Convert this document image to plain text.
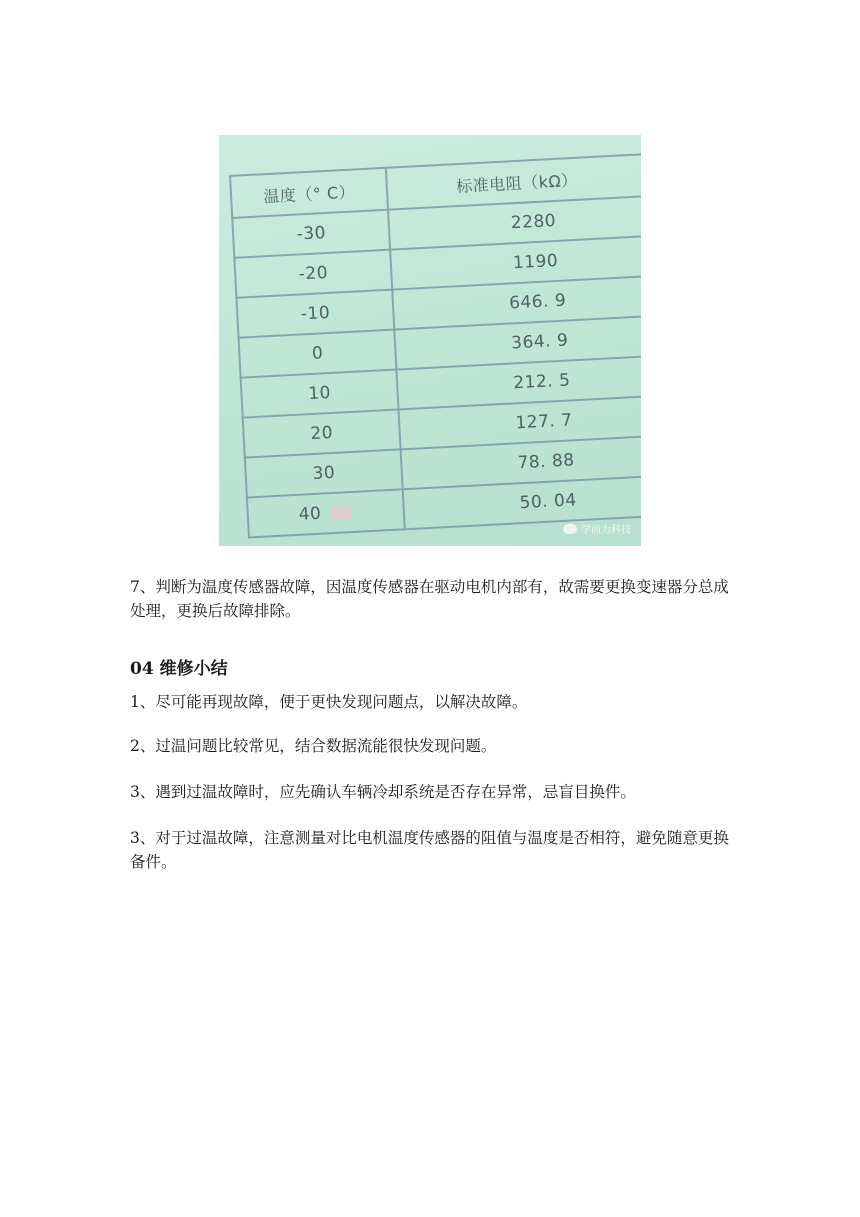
温度（° C）	标准电阻（kΩ）
-30	2280
-20	1190
-10	646. 9
0	364. 9
10	212. 5
20	127. 7
30	78. 88
40	50. 04
学而力科技

7、判断为温度传感器故障，因温度传感器在驱动电机内部有，故需要更换变速器分总成处理，更换后故障排除。

04 维修小结

1、尽可能再现故障，便于更快发现问题点，以解决故障。

2、过温问题比较常见，结合数据流能很快发现问题。

3、遇到过温故障时，应先确认车辆冷却系统是否存在异常，忌盲目换件。

3、对于过温故障，注意测量对比电机温度传感器的阻值与温度是否相符，避免随意更换备件。
